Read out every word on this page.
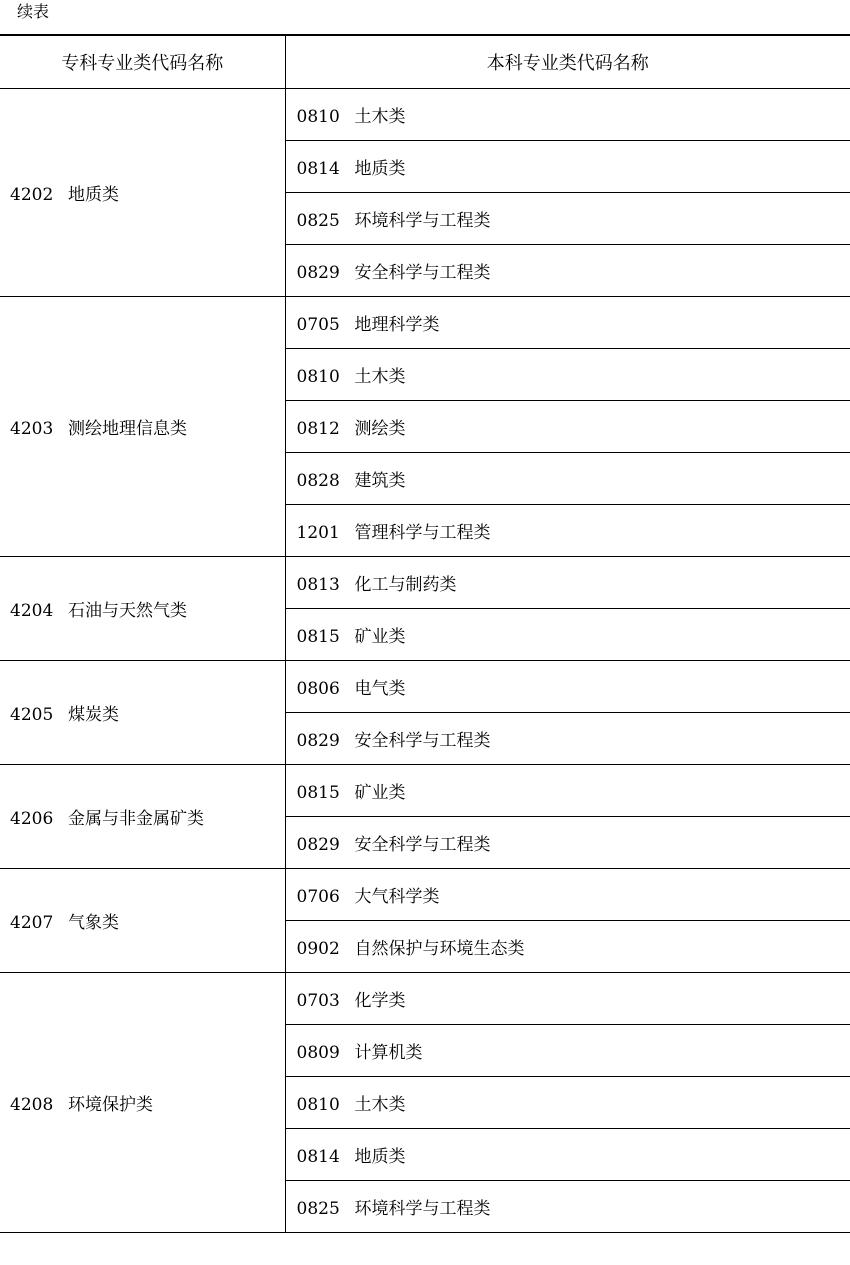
续表
专科专业类代码名称	本科专业类代码名称
4202 地质类	0810 土木类
	0814 地质类
	0825 环境科学与工程类
	0829 安全科学与工程类
4203 测绘地理信息类	0705 地理科学类
	0810 土木类
	0812 测绘类
	0828 建筑类
	1201 管理科学与工程类
4204 石油与天然气类	0813 化工与制药类
	0815 矿业类
4205 煤炭类	0806 电气类
	0829 安全科学与工程类
4206 金属与非金属矿类	0815 矿业类
	0829 安全科学与工程类
4207 气象类	0706 大气科学类
	0902 自然保护与环境生态类
4208 环境保护类	0703 化学类
	0809 计算机类
	0810 土木类
	0814 地质类
	0825 环境科学与工程类
